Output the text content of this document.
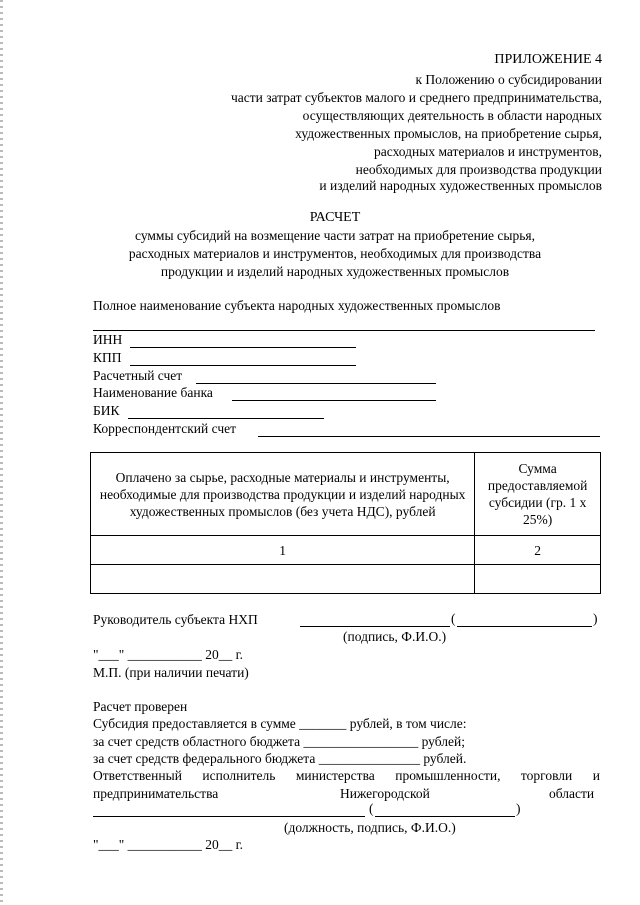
ПРИЛОЖЕНИЕ 4
к Положению о субсидировании
части затрат субъектов малого и среднего предпринимательства,
осуществляющих деятельность в области народных
художественных промыслов, на приобретение сырья,
расходных материалов и инструментов,
необходимых для производства продукции
и изделий народных художественных промыслов
РАСЧЕТ
суммы субсидий на возмещение части затрат на приобретение сырья,
расходных материалов и инструментов, необходимых для производства
продукции и изделий народных художественных промыслов
Полное наименование субъекта народных художественных промыслов
ИНН
КПП
Расчетный счет
Наименование банка
БИК
Корреспондентский счет
Оплачено за сырье, расходные материалы и инструменты, необходимые для производства продукции и изделий народных художественных промыслов (без учета НДС), рублей	Сумма предоставляемой субсидии (гр. 1 x 25%)
1	2

Руководитель субъекта НХП	(	)
(подпись, Ф.И.О.)
"___" ___________ 20__ г.
М.П. (при наличии печати)
Расчет проверен
Субсидия предоставляется в сумме _______ рублей, в том числе:
за счет средств областного бюджета _________________ рублей;
за счет средств федерального бюджета _______________ рублей.
Ответственный исполнитель министерства промышленности, торговли и
предпринимательства	Нижегородской	области
(	)
(должность, подпись, Ф.И.О.)
"___" ___________ 20__ г.
